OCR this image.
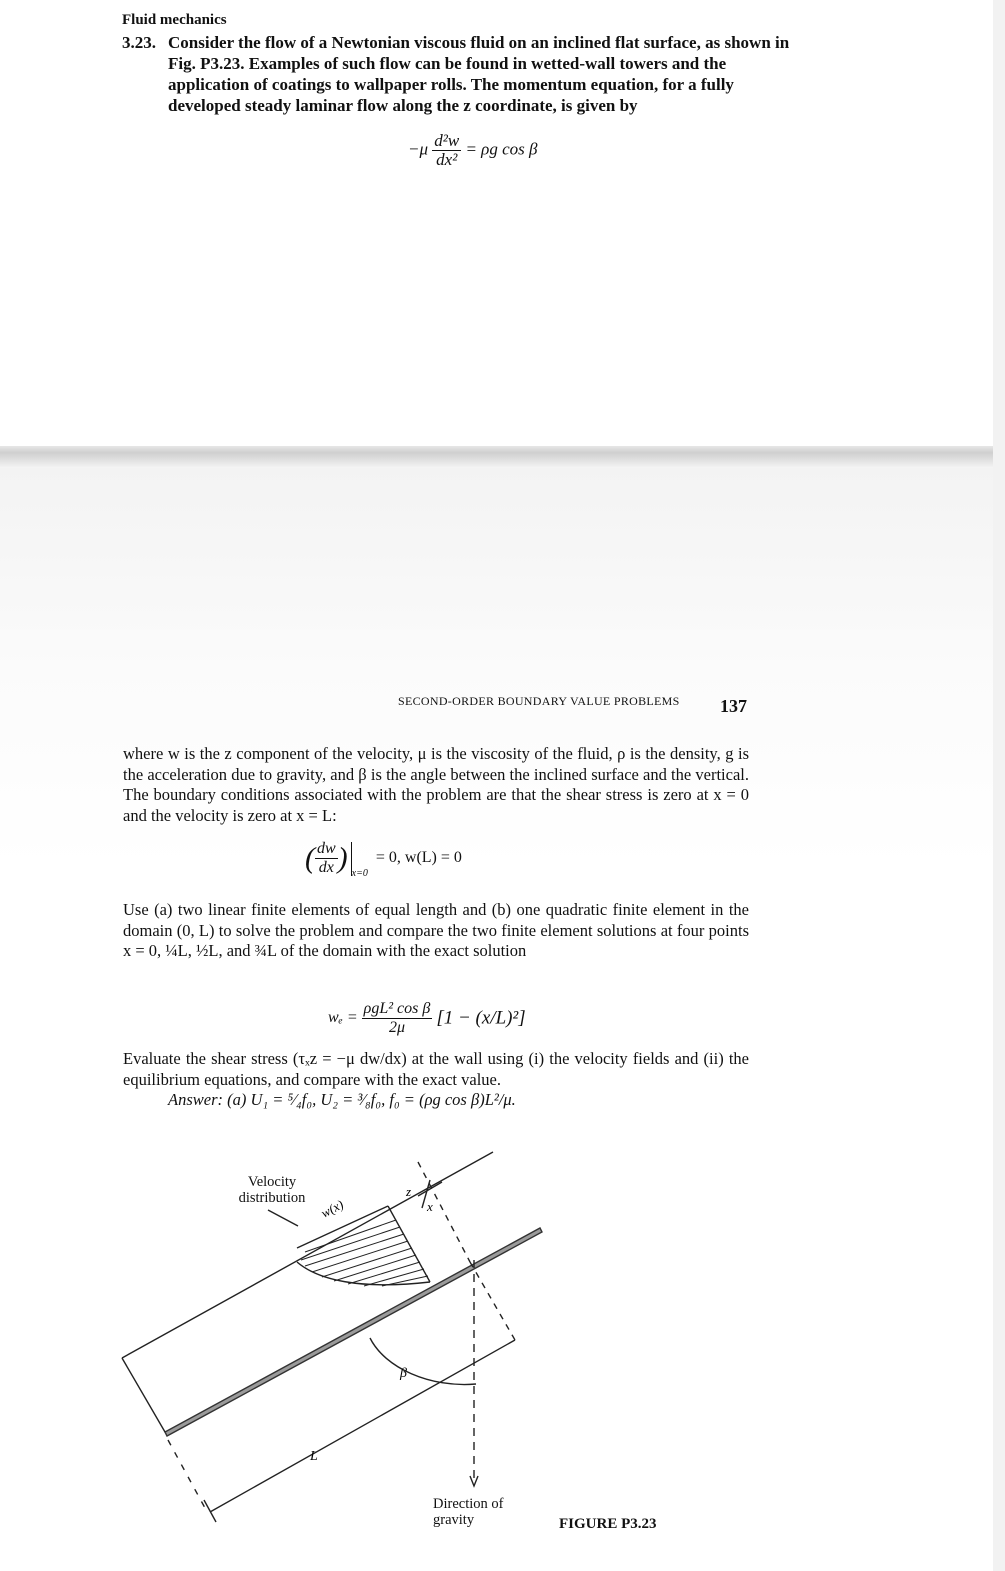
Fluid mechanics
3.23. Consider the flow of a Newtonian viscous fluid on an inclined flat surface, as shown in Fig. P3.23. Examples of such flow can be found in wetted-wall towers and the application of coatings to wallpaper rolls. The momentum equation, for a fully developed steady laminar flow along the z coordinate, is given by
$-\mu \frac{\text{d²w}}{\text{dx²}} = \rho g$ cos β
SECOND-ORDER BOUNDARY VALUE PROBLEMS 137
where w is the z component of the velocity, μ is the viscosity of the fluid, ρ is the density, g is the acceleration due to gravity, and β is the angle between the inclined surface and the vertical. The boundary conditions associated with the problem are that the shear stress is zero at x = 0 and the velocity is zero at x = L:
( $\frac{dw}{dx}$ ) $_{x=0}$ = 0, w(L) = 0
Use (a) two linear finite elements of equal length and (b) one quadratic finite element in the domain (0, L) to solve the problem and compare the two finite element solutions at four points x = 0, ¼L, ½L, and ¾L of the domain with the exact solution
$w_e = \frac{\text{ρgL² cos β}}{2\mu} [1 - (x/L)^2]$
Evaluate the shear stress (τₓz = −μ dw/dx) at the wall using (i) the velocity fields and (ii) the equilibrium equations, and compare with the exact value.
Answer: (a) U₁ = ⁵⁄₄f₀, U₂ = ³⁄₈f₀, f₀ = (ρg cos β)L²/μ.
w(x)
z
x
β
L
Velocity distribution
Direction of gravity	FIGURE P3.23
